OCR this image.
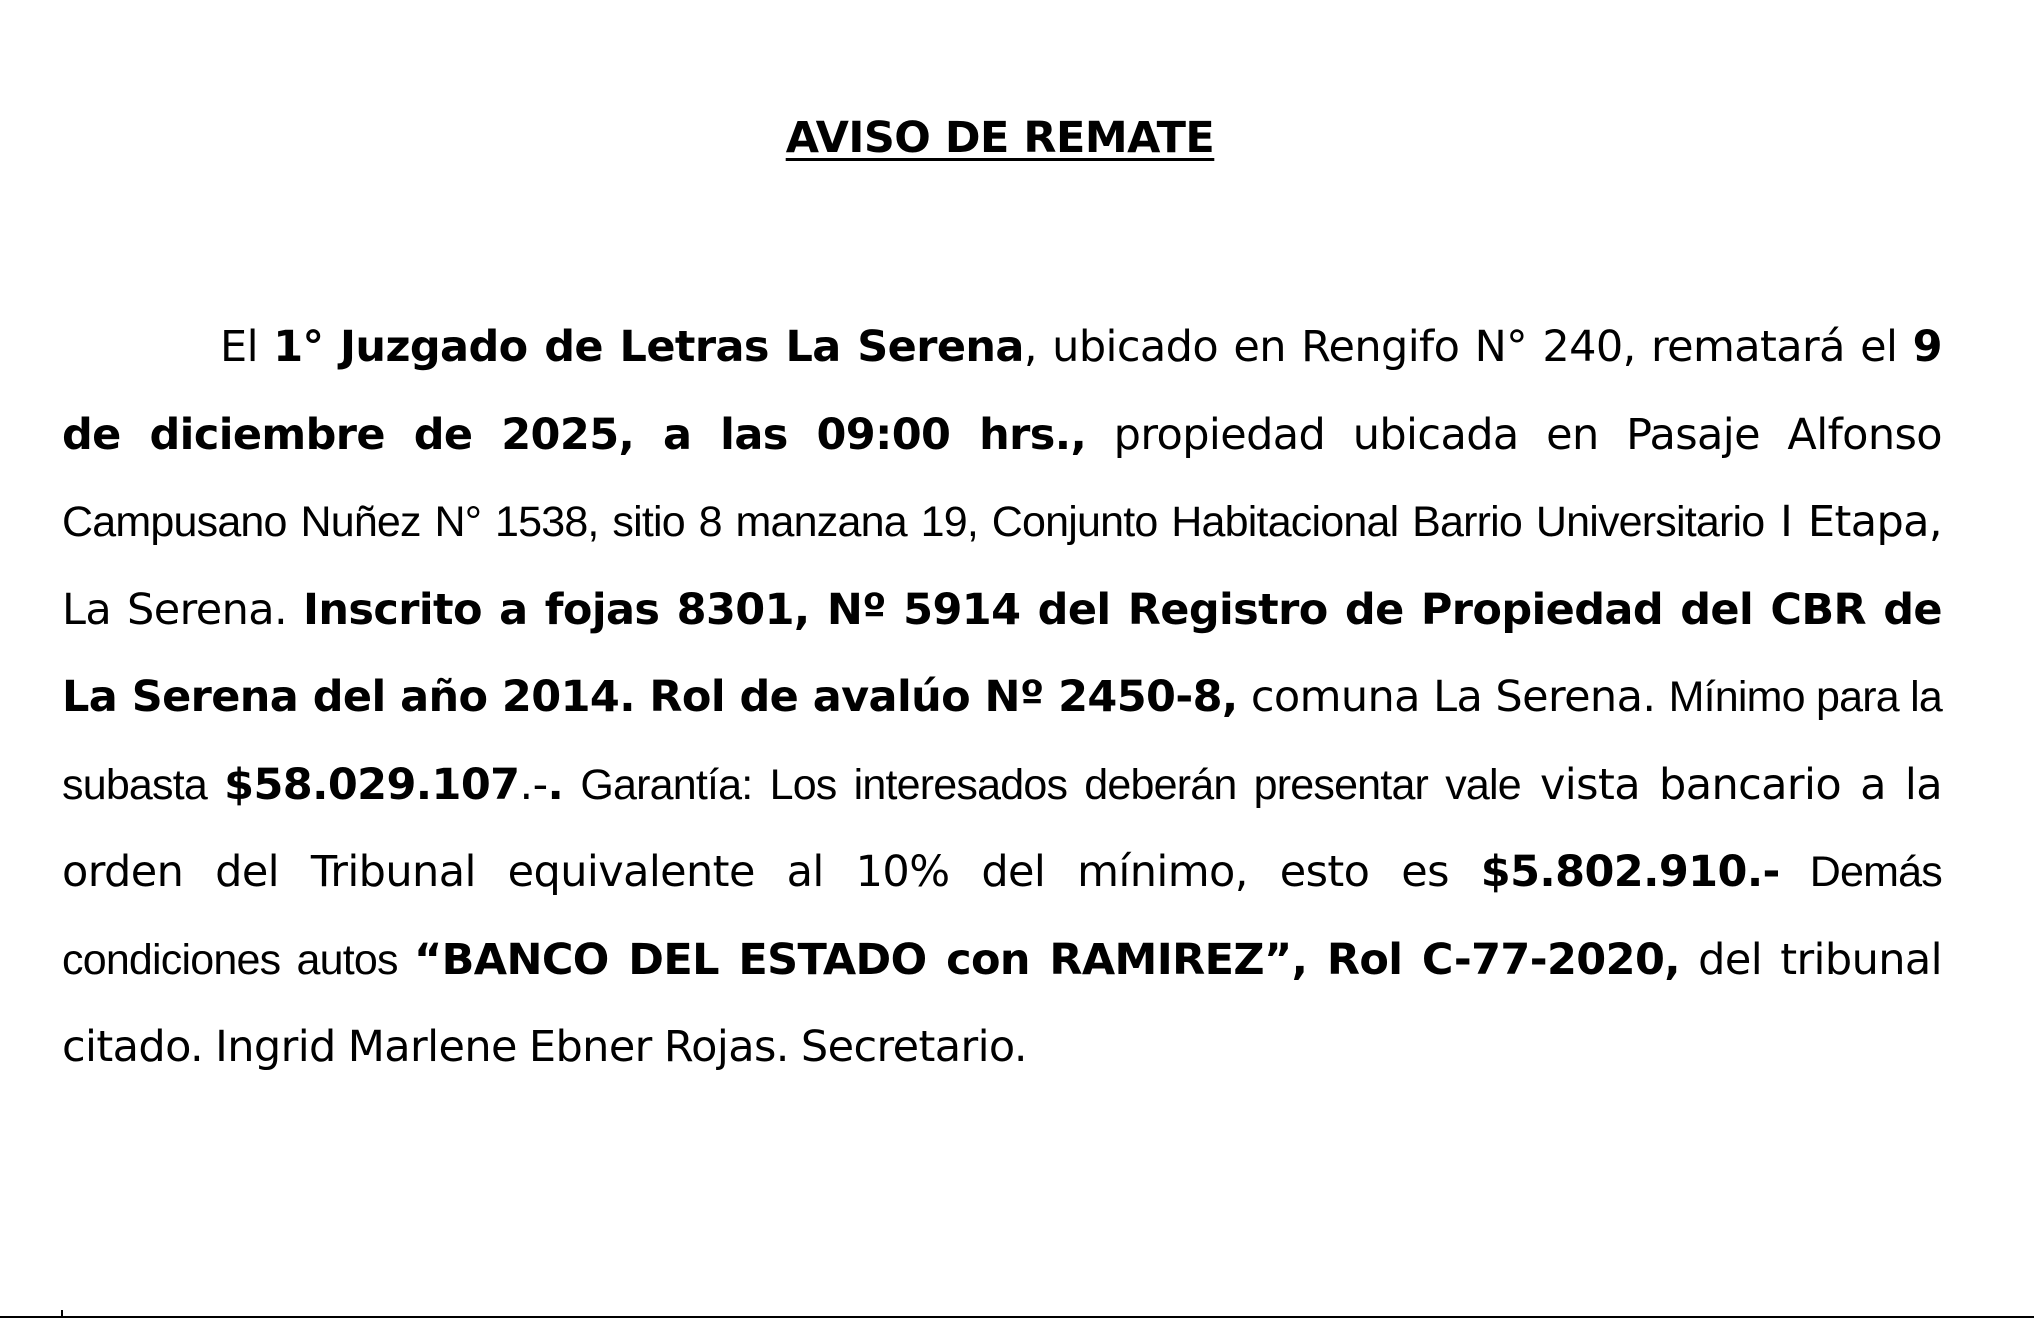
AVISO DE REMATE

El 1° Juzgado de Letras La Serena, ubicado en Rengifo N° 240, rematará el 9 de diciembre de 2025, a las 09:00 hrs., propiedad ubicada en Pasaje Alfonso Campusano Nuñez N° 1538, sitio 8 manzana 19, Conjunto Habitacional Barrio Universitario I Etapa, La Serena. Inscrito a fojas 8301, Nº 5914 del Registro de Propiedad del CBR de La Serena del año 2014. Rol de avalúo Nº 2450-8, comuna La Serena. Mínimo para la subasta $58.029.107.-. Garantía: Los interesados deberán presentar vale vista bancario a la orden del Tribunal equivalente al 10% del mínimo, esto es $5.802.910.- Demás condiciones autos “BANCO DEL ESTADO con RAMIREZ”, Rol C-77-2020, del tribunal citado. Ingrid Marlene Ebner Rojas. Secretario.
